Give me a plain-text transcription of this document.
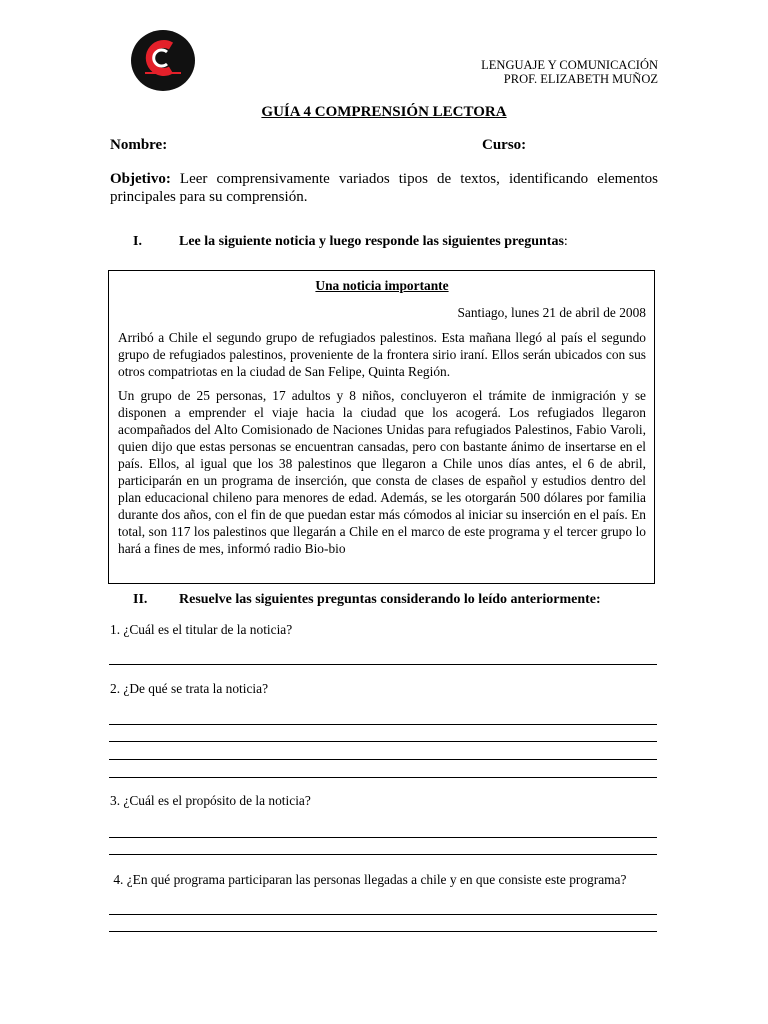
LENGUAJE Y COMUNICACIÓN
PROF. ELIZABETH MUÑOZ
GUÍA 4 COMPRENSIÓN LECTORA
Nombre:	Curso:
Objetivo: Leer comprensivamente variados tipos de textos, identificando elementos principales para su comprensión.
I.	Lee la siguiente noticia y luego responde las siguientes preguntas:
Una noticia importante
Santiago, lunes 21 de abril de 2008

Arribó a Chile el segundo grupo de refugiados palestinos. Esta mañana llegó al país el segundo grupo de refugiados palestinos, proveniente de la frontera sirio iraní. Ellos serán ubicados con sus otros compatriotas en la ciudad de San Felipe, Quinta Región.

Un grupo de 25 personas, 17 adultos y 8 niños, concluyeron el trámite de inmigración y se disponen a emprender el viaje hacia la ciudad que los acogerá. Los refugiados llegaron acompañados del Alto Comisionado de Naciones Unidas para refugiados Palestinos, Fabio Varoli, quien dijo que estas personas se encuentran cansadas, pero con bastante ánimo de insertarse en el país. Ellos, al igual que los 38 palestinos que llegaron a Chile unos días antes, el 6 de abril, participarán en un programa de inserción, que consta de clases de español y estudios dentro del plan educacional chileno para menores de edad. Además, se les otorgarán 500 dólares por familia durante dos años, con el fin de que puedan estar más cómodos al iniciar su inserción en el país. En total, son 117 los palestinos que llegarán a Chile en el marco de este programa y el tercer grupo lo hará a fines de mes, informó radio Bio-bio

II. Resuelve las siguientes preguntas considerando lo leído anteriormente:
1. ¿Cuál es el titular de la noticia?
2. ¿De qué se trata la noticia?
3. ¿Cuál es el propósito de la noticia?
4. ¿En qué programa participaran las personas llegadas a chile y en que consiste este programa?
